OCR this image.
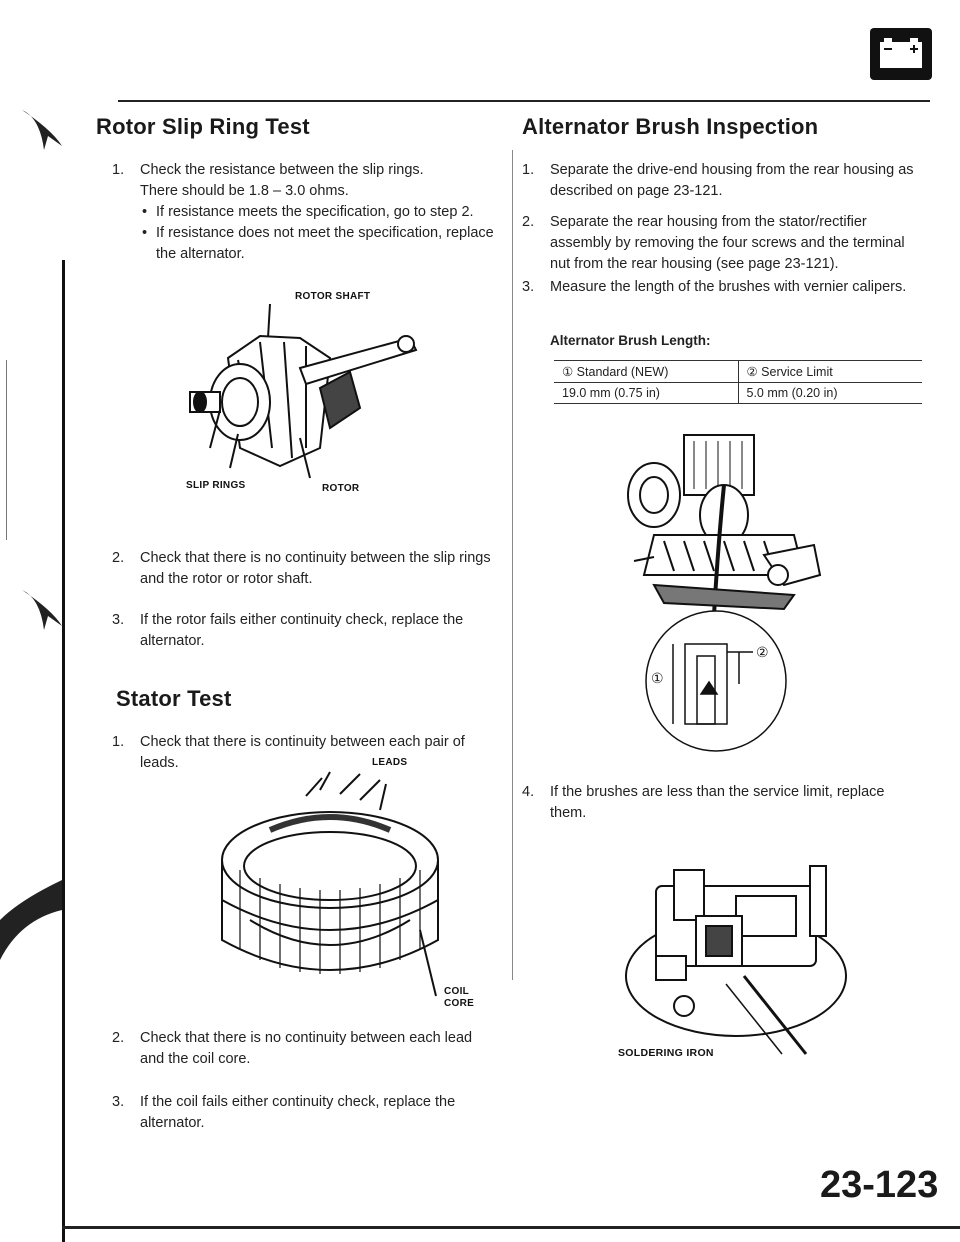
Rotor Slip Ring Test
1. Check the resistance between the slip rings.
There should be 1.8 – 3.0 ohms.
• If resistance meets the specification, go to step 2.
• If resistance does not meet the specification, replace the alternator.
ROTOR SHAFT
SLIP RINGS	ROTOR
2. Check that there is no continuity between the slip rings and the rotor or rotor shaft.
3. If the rotor fails either continuity check, replace the alternator.
Stator Test
1. Check that there is continuity between each pair of leads.	LEADS
COIL
CORE
2. Check that there is no continuity between each lead and the coil core.
3. If the coil fails either continuity check, replace the alternator.
Alternator Brush Inspection
1. Separate the drive-end housing from the rear housing as described on page 23-121.
2. Separate the rear housing from the stator/rectifier assembly by removing the four screws and the terminal nut from the rear housing (see page 23-121).
3. Measure the length of the brushes with vernier calipers.
Alternator Brush Length:
① Standard (NEW)	② Service Limit
19.0 mm (0.75 in)	5.0 mm (0.20 in)
①
②
4. If the brushes are less than the service limit, replace them.
SOLDERING IRON
23-123
